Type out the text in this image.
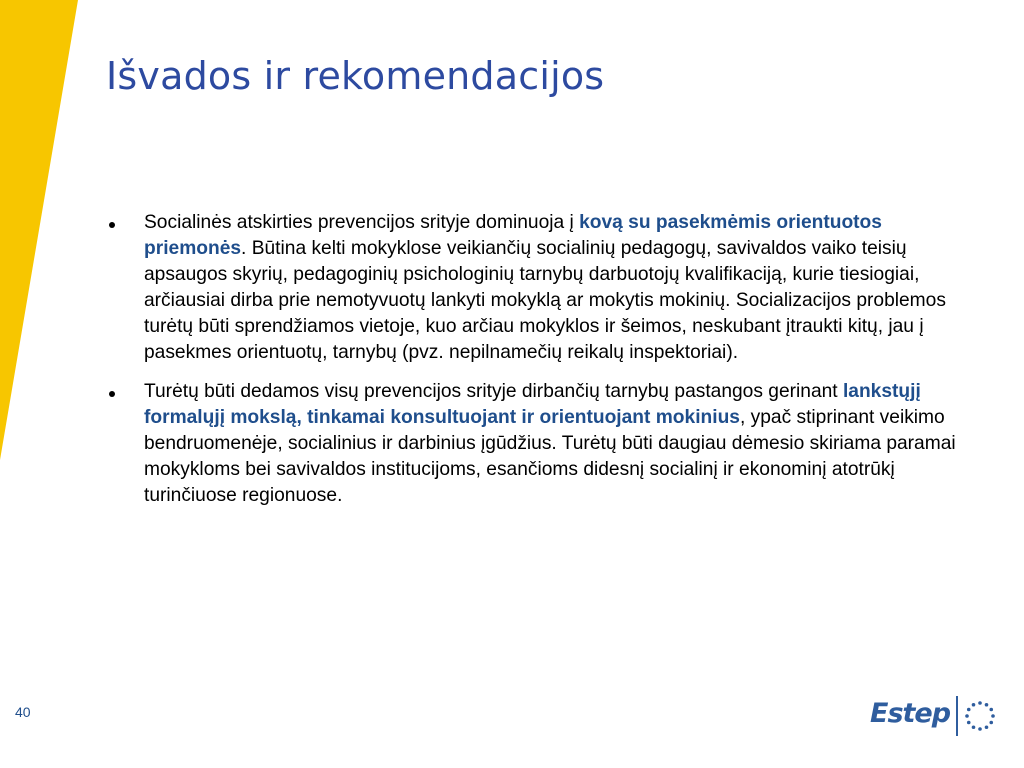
Išvados ir rekomendacijos
Socialinės atskirties prevencijos srityje dominuoja į kovą su pasekmėmis orientuotos priemonės. Būtina kelti mokyklose veikiančių socialinių pedagogų, savivaldos vaiko teisių apsaugos skyrių, pedagoginių psichologinių tarnybų darbuotojų kvalifikaciją, kurie tiesiogiai, arčiausiai dirba prie nemotyvuotų lankyti mokyklą ar mokytis mokinių. Socializacijos problemos turėtų būti sprendžiamos vietoje, kuo arčiau mokyklos ir šeimos, neskubant įtraukti kitų, jau į pasekmes orientuotų, tarnybų (pvz. nepilnamečių reikalų inspektoriai).
Turėtų būti dedamos visų prevencijos srityje dirbančių tarnybų pastangos gerinant lankstųjį formalųjį mokslą, tinkamai konsultuojant ir orientuojant mokinius, ypač stiprinant veikimo bendruomenėje, socialinius ir darbinius įgūdžius. Turėtų būti daugiau dėmesio skiriama paramai mokykloms bei savivaldos institucijoms, esančioms didesnį socialinį ir ekonominį atotrūkį turinčiuose regionuose.
40	Estep
